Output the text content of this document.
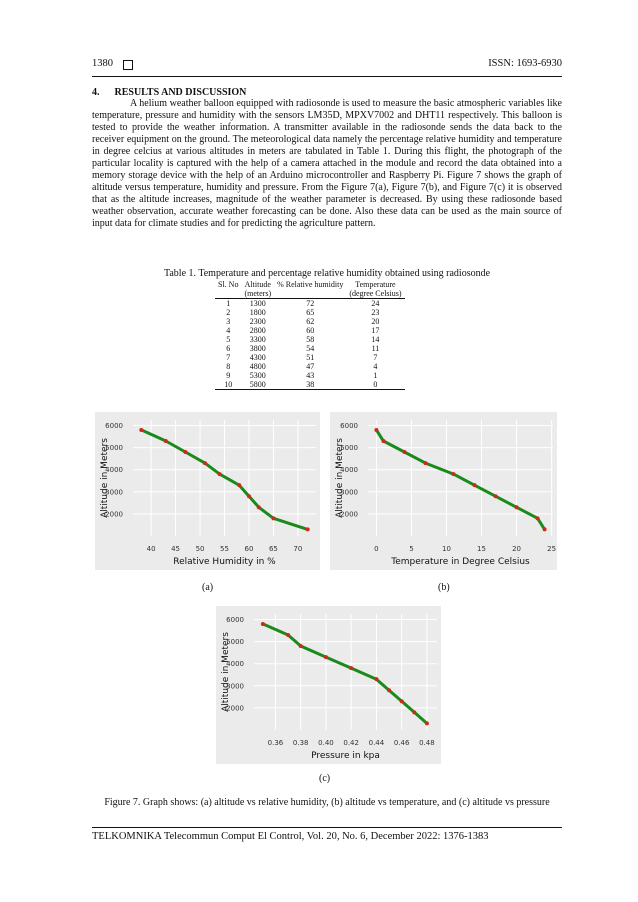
1380	ISSN: 1693-6930
4.      RESULTS AND DISCUSSION

A helium weather balloon equipped with radiosonde is used to measure the basic atmospheric variables like temperature, pressure and humidity with the sensors LM35D, MPXV7002 and DHT11 respectively. This balloon is tested to provide the weather information. A transmitter available in the radiosonde sends the data back to the receiver equipment on the ground. The meteorological data namely the percentage relative humidity and temperature in degree celcius at various altitudes in meters are tabulated in Table 1. During this flight, the photograph of the particular locality is captured with the help of a camera attached in the module and record the data obtained into a memory storage device with the help of an Arduino microcontroller and Raspberry Pi. Figure 7 shows the graph of altitude versus temperature, humidity and pressure. From the Figure 7(a), Figure 7(b), and Figure 7(c) it is observed that as the altitude increases, magnitude of the weather parameter is decreased. By using these radiosonde based weather observation, accurate weather forecasting can be done. Also these data can be used as the main source of input data for climate studies and for predicting the agriculture pattern.

Table 1. Temperature and percentage relative humidity obtained using radiosonde
Sl. No	Altitude
(meters)	% Relative humidity	Temperature
(degree Celsius)
1	1300	72	24
2	1800	65	23
3	2300	62	20
4	2800	60	17
5	3300	58	14
6	3800	54	11
7	4300	51	7
8	4800	47	4
9	5300	43	1
10	5800	38	0
2000
3000
4000
5000
6000
40 45 50 55 60 65 70
Relative Humidity in %
Altitude in Meters	2000
3000
4000
5000
6000
0	5	10	15	20	25
Temperature in Degree Celsius
Altitude in Meters
2000
3000
4000
5000
6000
0.36 0.38 0.40 0.42 0.44 0.46 0.48
Pressure in kpa
Altitude in Meters
(a)	(b)
(c)
Figure 7. Graph shows: (a) altitude vs relative humidity, (b) altitude vs temperature, and (c) altitude vs pressure
TELKOMNIKA Telecommun Comput El Control, Vol. 20, No. 6, December 2022: 1376-1383
